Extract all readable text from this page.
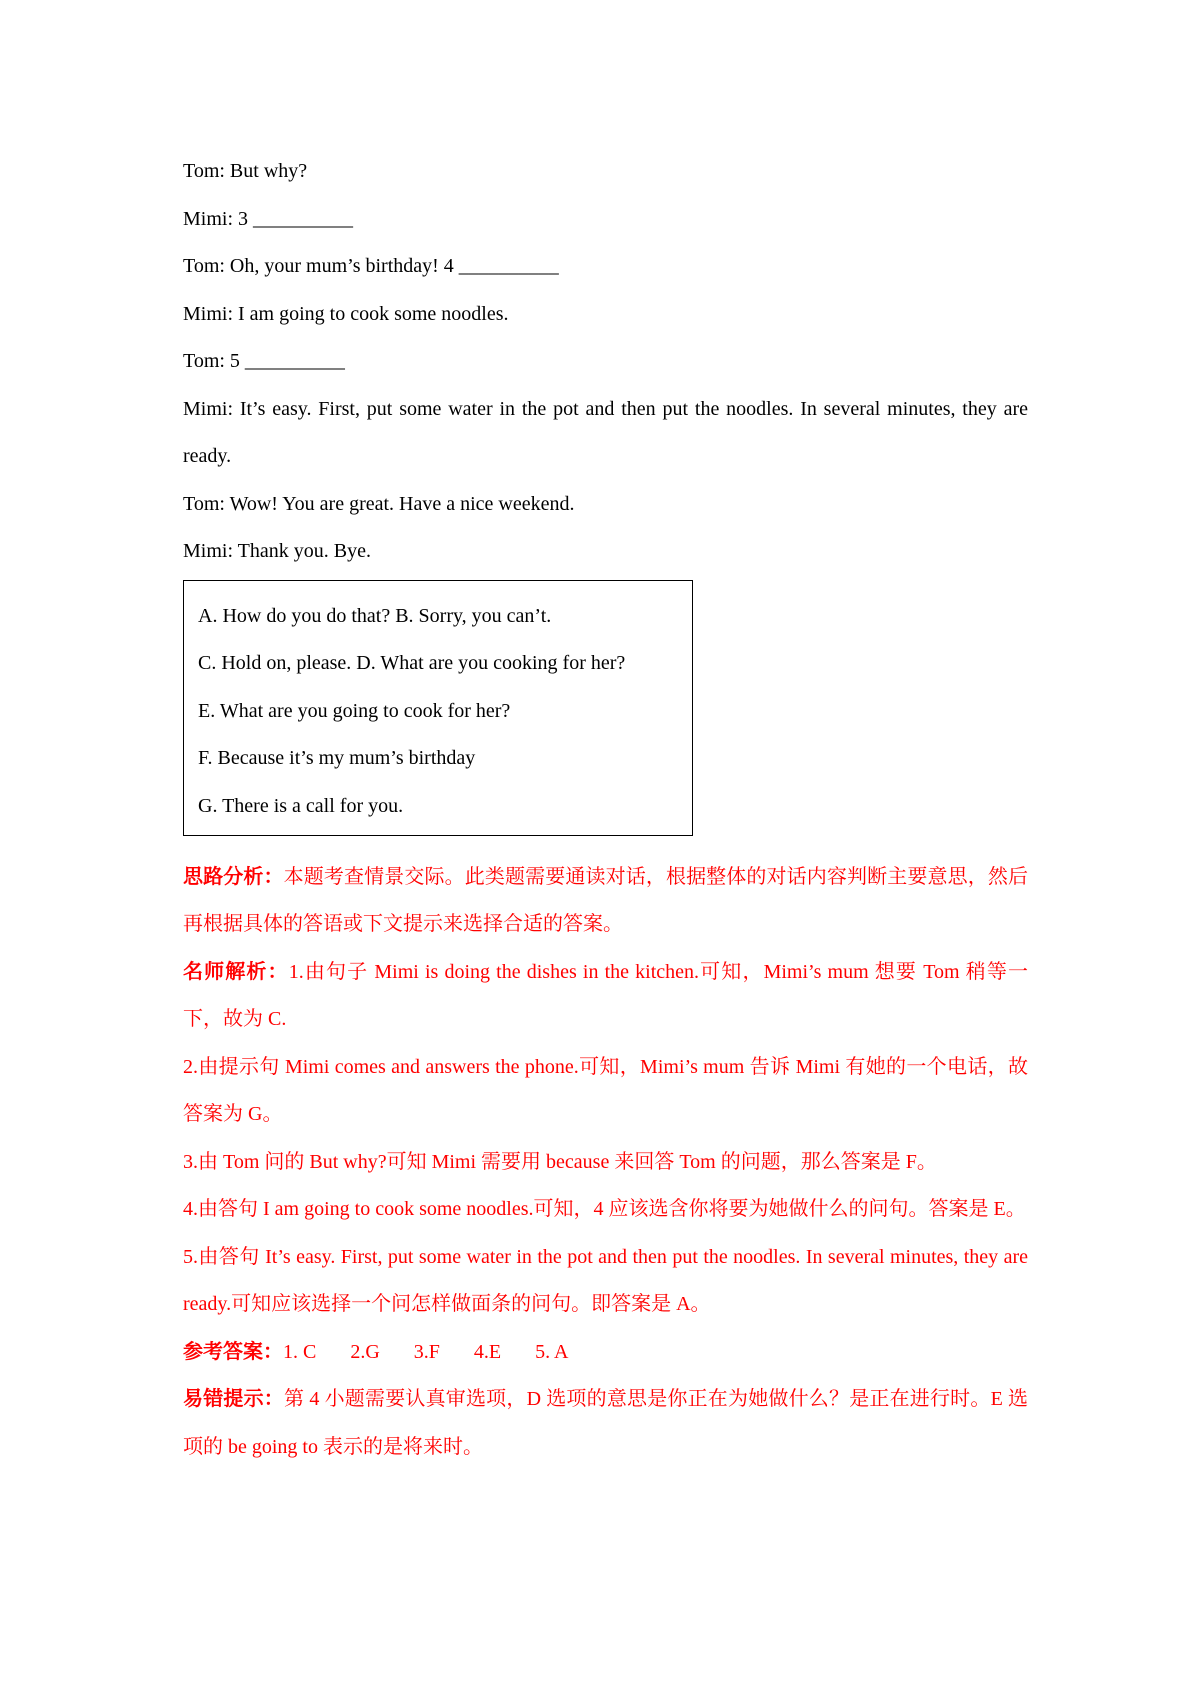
Tom: But why?
Mimi: 3 __________
Tom: Oh, your mum’s birthday! 4 __________
Mimi: I am going to cook some noodles.
Tom: 5 __________
Mimi: It’s easy. First, put some water in the pot and then put the noodles. In several minutes, they are ready.
Tom: Wow! You are great. Have a nice weekend.
Mimi: Thank you. Bye.
A. How do you do that? B. Sorry, you can’t.
C. Hold on, please. D. What are you cooking for her?
E. What are you going to cook for her?
F. Because it’s my mum’s birthday
G. There is a call for you.
思路分析：本题考查情景交际。此类题需要通读对话，根据整体的对话内容判断主要意思，然后再根据具体的答语或下文提示来选择合适的答案。
名师解析：1.由句子 Mimi is doing the dishes in the kitchen.可知，Mimi’s mum 想要 Tom 稍等一下，故为 C.
2.由提示句 Mimi comes and answers the phone.可知，Mimi’s mum 告诉 Mimi 有她的一个电话，故答案为 G。
3.由 Tom 问的 But why?可知 Mimi 需要用 because 来回答 Tom 的问题，那么答案是 F。
4.由答句 I am going to cook some noodles.可知，4 应该选含你将要为她做什么的问句。答案是 E。
5.由答句 It’s easy. First, put some water in the pot and then put the noodles. In several minutes, they are ready.可知应该选择一个问怎样做面条的问句。即答案是 A。
参考答案：1. C 2.G 3.F 4.E 5. A
易错提示：第 4 小题需要认真审选项，D 选项的意思是你正在为她做什么？是正在进行时。E 选项的 be going to 表示的是将来时。
